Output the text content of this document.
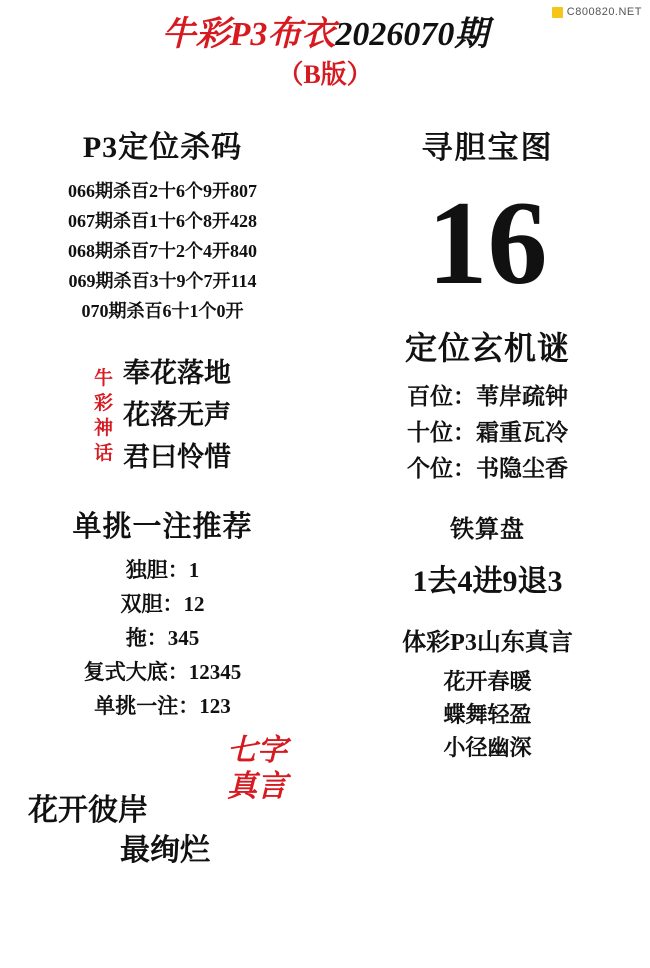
C800820.NET
牛彩P3布衣2026070期
（B版）
P3定位杀码
066期杀百2十6个9开807
067期杀百1十6个8开428
068期杀百7十2个4开840
069期杀百3十9个7开114
070期杀百6十1个0开
牛
彩
神
话
奉花落地
花落无声
君曰怜惜
单挑一注推荐
独胆：1
双胆：12
拖：345
复式大底：12345
单挑一注：123
七字
真言
花开彼岸
最绚烂
寻胆宝图
16
定位玄机谜
百位：苇岸疏钟
十位：霜重瓦冷
个位：书隐尘香
铁算盘
1去4进9退3
体彩P3山东真言
花开春暖
蝶舞轻盈
小径幽深
